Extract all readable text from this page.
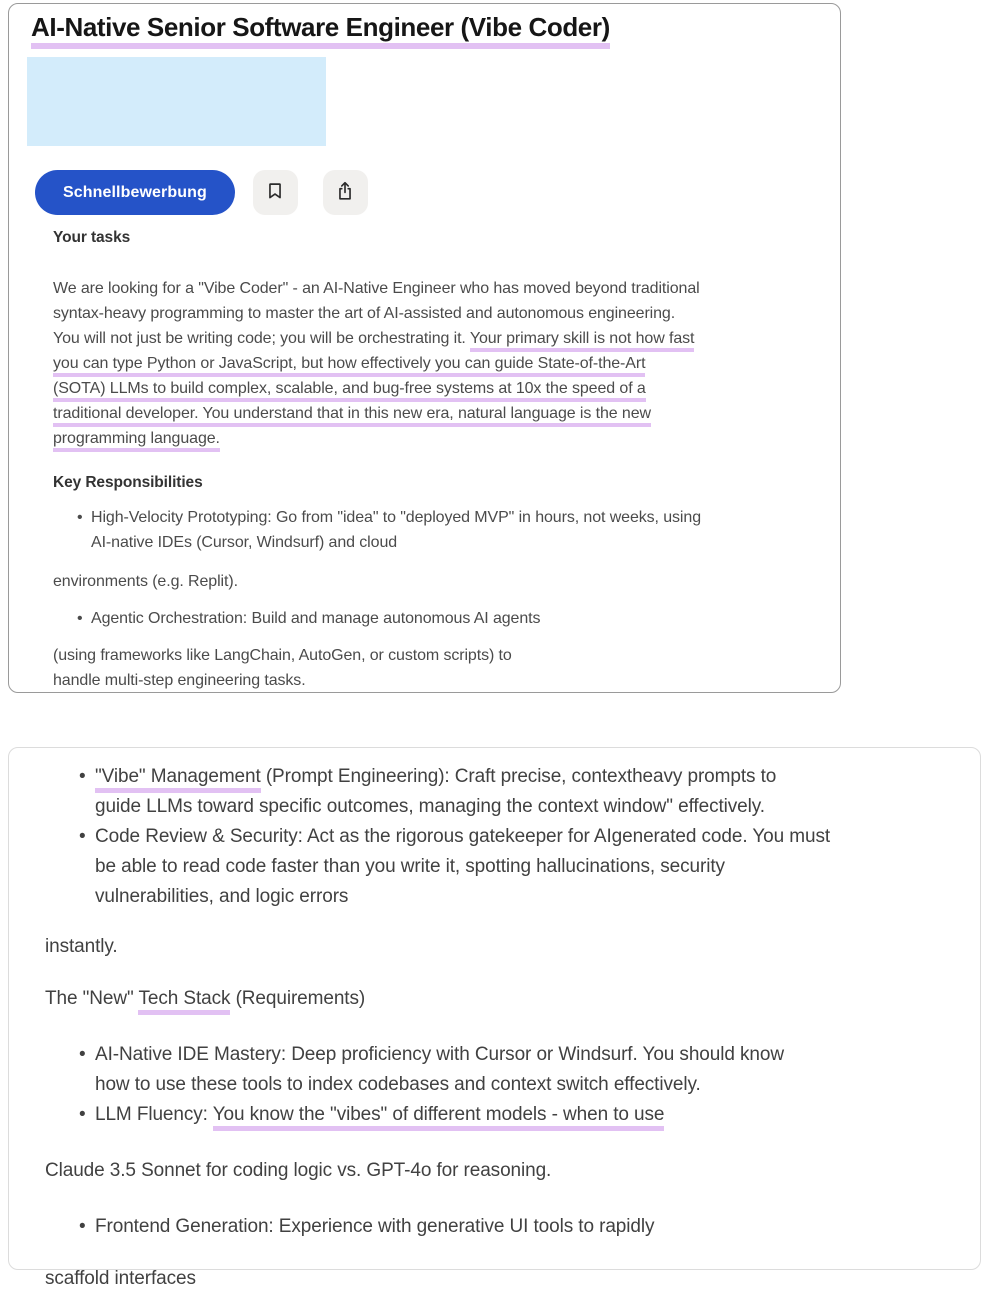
AI-Native Senior Software Engineer (Vibe Coder)
Schnellbewerbung
Your tasks
We are looking for a "Vibe Coder" - an AI-Native Engineer who has moved beyond traditional
syntax-heavy programming to master the art of AI-assisted and autonomous engineering.
You will not just be writing code; you will be orchestrating it. Your primary skill is not how fast
you can type Python or JavaScript, but how effectively you can guide State-of-the-Art
(SOTA) LLMs to build complex, scalable, and bug-free systems at 10x the speed of a
traditional developer. You understand that in this new era, natural language is the new
programming language.
Key Responsibilities
• High-Velocity Prototyping: Go from "idea" to "deployed MVP" in hours, not weeks, using
AI-native IDEs (Cursor, Windsurf) and cloud
environments (e.g. Replit).
• Agentic Orchestration: Build and manage autonomous AI agents
(using frameworks like LangChain, AutoGen, or custom scripts) to
handle multi-step engineering tasks.
• "Vibe" Management (Prompt Engineering): Craft precise, contextheavy prompts to
guide LLMs toward specific outcomes, managing the context window" effectively.
• Code Review & Security: Act as the rigorous gatekeeper for AIgenerated code. You must
be able to read code faster than you write it, spotting hallucinations, security
vulnerabilities, and logic errors
instantly.
The "New" Tech Stack (Requirements)
• AI-Native IDE Mastery: Deep proficiency with Cursor or Windsurf. You should know
how to use these tools to index codebases and context switch effectively.
• LLM Fluency: You know the "vibes" of different models - when to use
Claude 3.5 Sonnet for coding logic vs. GPT-4o for reasoning.
• Frontend Generation: Experience with generative UI tools to rapidly
scaffold interfaces
